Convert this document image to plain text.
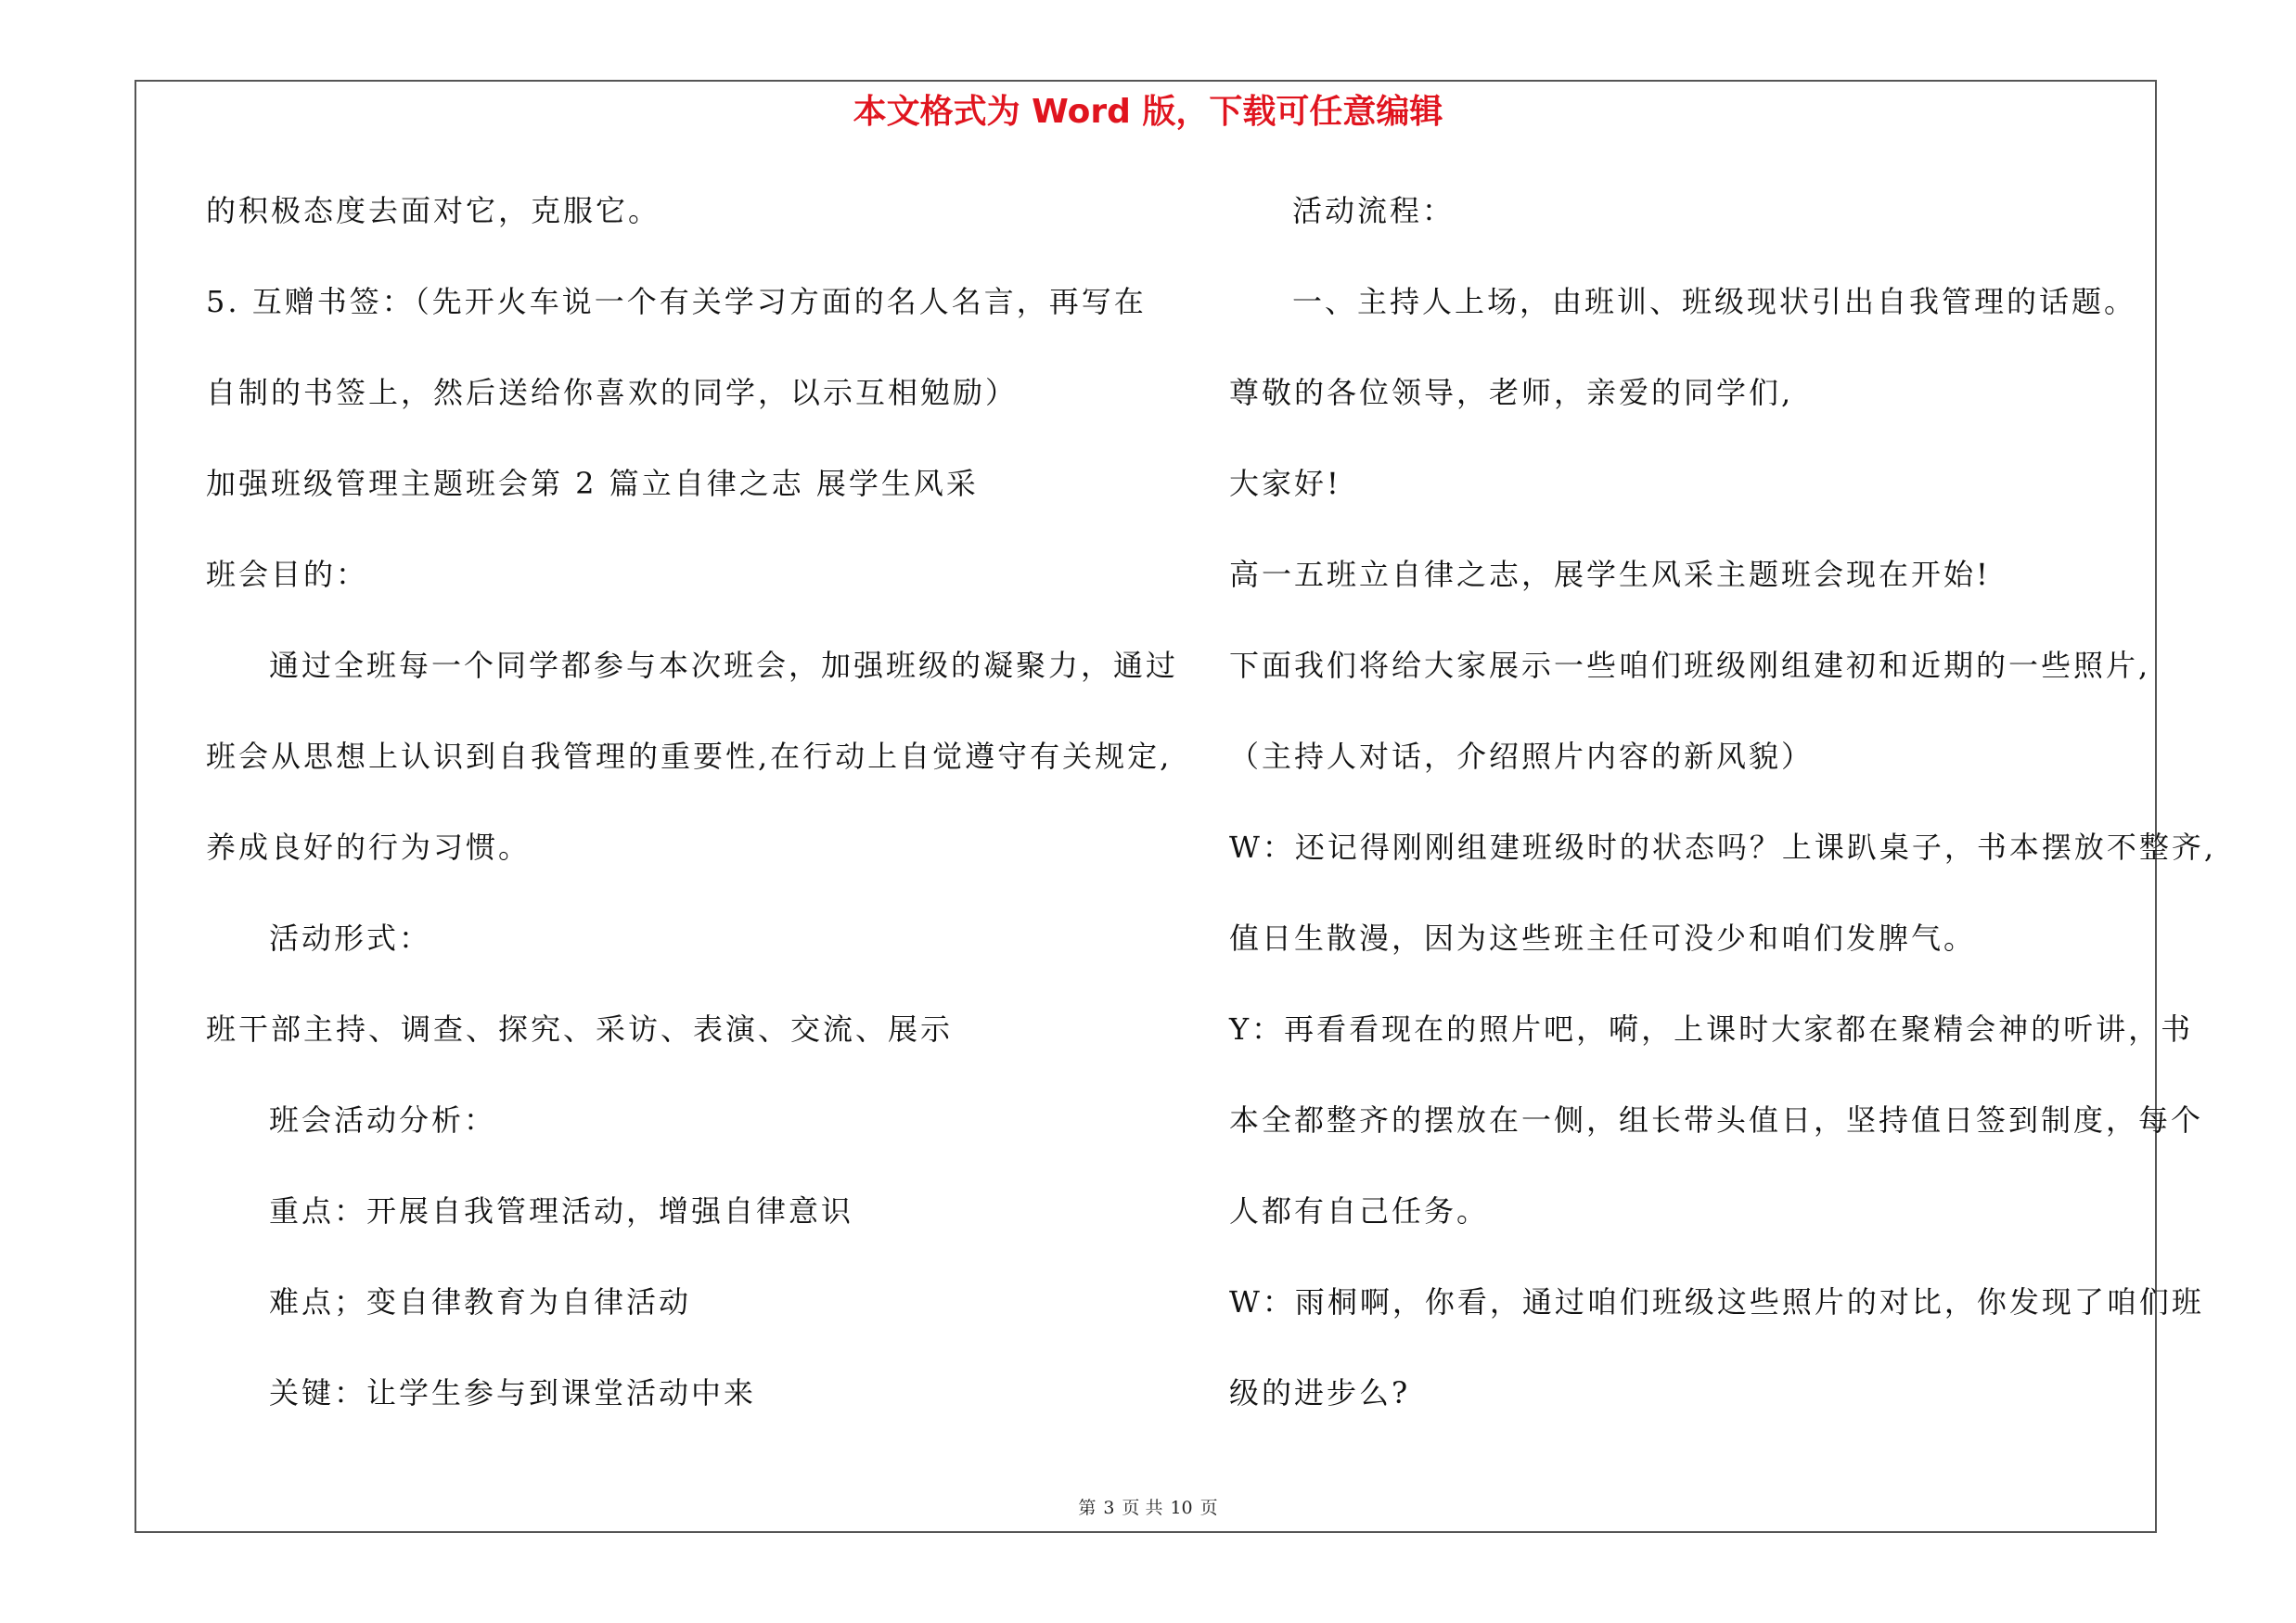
本文格式为 Word 版，下载可任意编辑
的积极态度去面对它，克服它。
5. 互赠书签：（先开火车说一个有关学习方面的名人名言，再写在
自制的书签上，然后送给你喜欢的同学，以示互相勉励）
加强班级管理主题班会第 2 篇立自律之志 展学生风采
班会目的：
通过全班每一个同学都参与本次班会，加强班级的凝聚力，通过
班会从思想上认识到自我管理的重要性,在行动上自觉遵守有关规定,
养成良好的行为习惯。
活动形式：
班干部主持、调查、探究、采访、表演、交流、展示
班会活动分析：
重点：开展自我管理活动，增强自律意识
难点；变自律教育为自律活动
关键：让学生参与到课堂活动中来
活动流程：
一、主持人上场，由班训、班级现状引出自我管理的话题。
尊敬的各位领导，老师，亲爱的同学们,
大家好!
高一五班立自律之志，展学生风采主题班会现在开始!
下面我们将给大家展示一些咱们班级刚组建初和近期的一些照片,
（主持人对话，介绍照片内容的新风貌）
W：还记得刚刚组建班级时的状态吗？上课趴桌子，书本摆放不整齐,
值日生散漫，因为这些班主任可没少和咱们发脾气。
Y：再看看现在的照片吧，嗬，上课时大家都在聚精会神的听讲，书
本全都整齐的摆放在一侧，组长带头值日，坚持值日签到制度，每个
人都有自己任务。
W：雨桐啊，你看，通过咱们班级这些照片的对比，你发现了咱们班
级的进步么?
第 3 页 共 10 页
